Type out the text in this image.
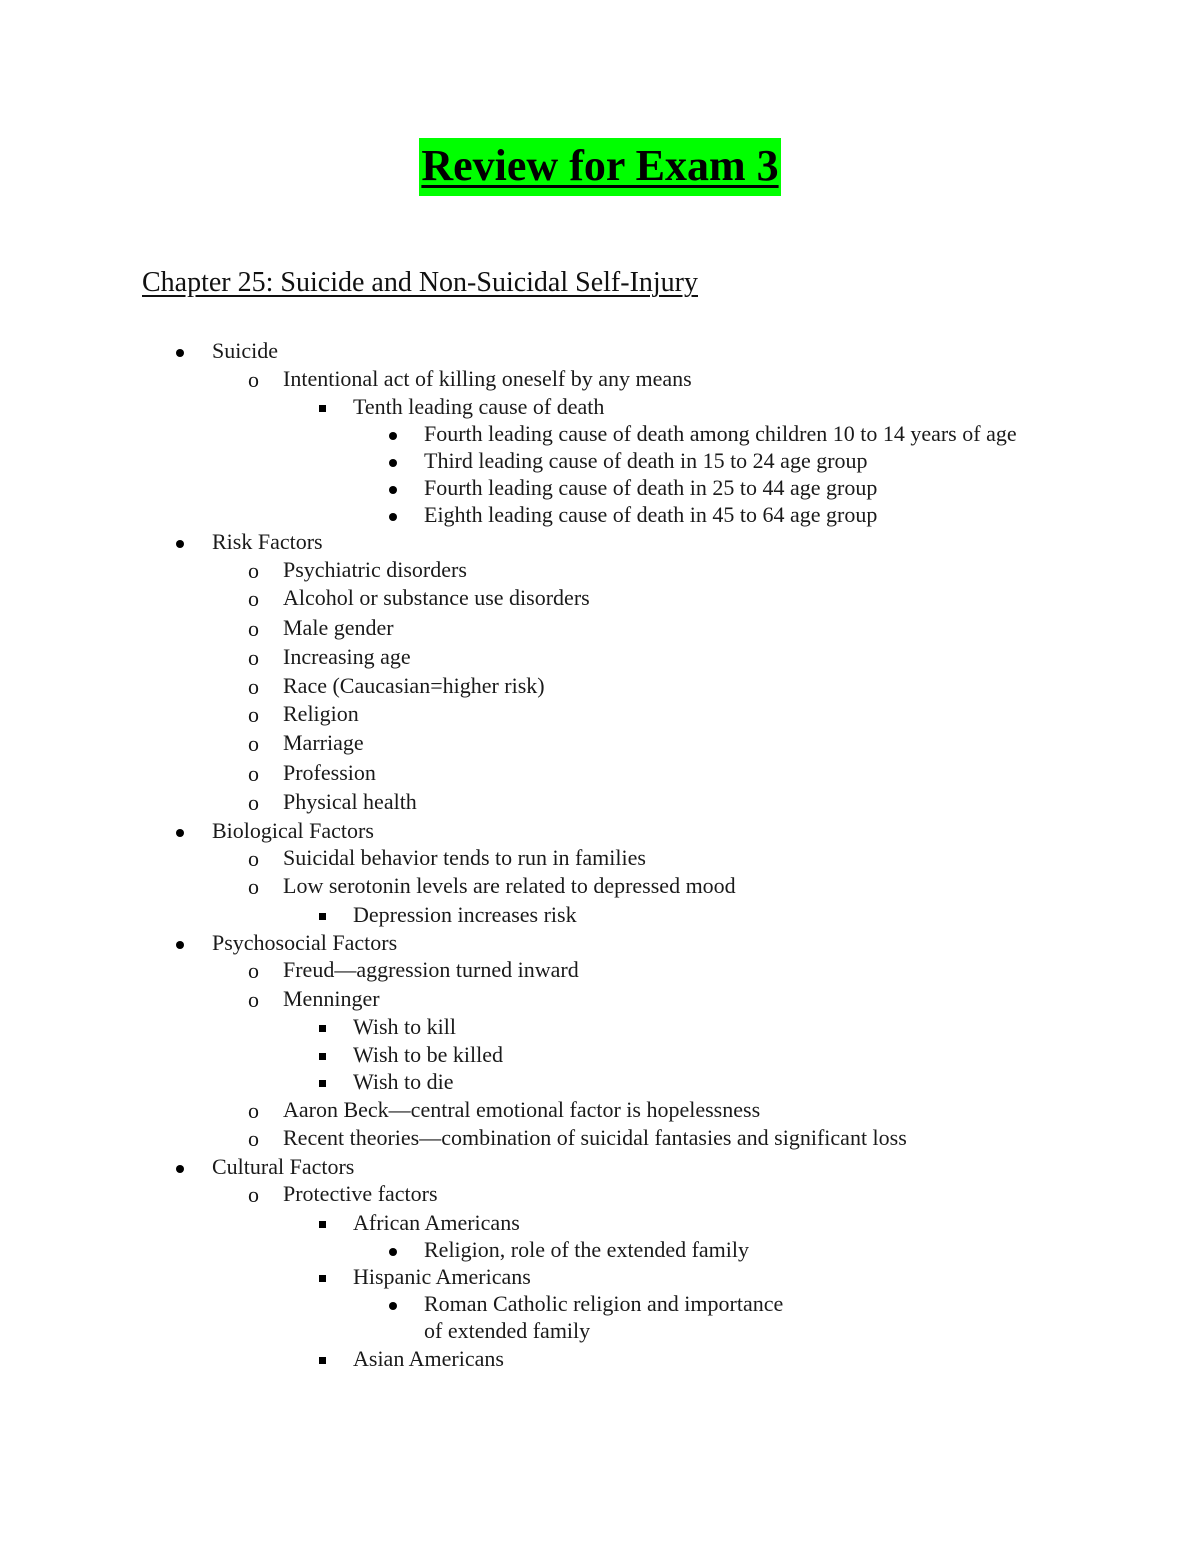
Review for Exam 3
Chapter 25: Suicide and Non-Suicidal Self-Injury
Suicide
o Intentional act of killing oneself by any means
Tenth leading cause of death
Fourth leading cause of death among children 10 to 14 years of age
Third leading cause of death in 15 to 24 age group
Fourth leading cause of death in 25 to 44 age group
Eighth leading cause of death in 45 to 64 age group
Risk Factors
o Psychiatric disorders
o Alcohol or substance use disorders
o Male gender
o Increasing age
o Race (Caucasian=higher risk)
o Religion
o Marriage
o Profession
o Physical health
Biological Factors
o Suicidal behavior tends to run in families
o Low serotonin levels are related to depressed mood
Depression increases risk
Psychosocial Factors
o Freud—aggression turned inward
o Menninger
Wish to kill
Wish to be killed
Wish to die
o Aaron Beck—central emotional factor is hopelessness
o Recent theories—combination of suicidal fantasies and significant loss
Cultural Factors
o Protective factors
African Americans
Religion, role of the extended family
Hispanic Americans
Roman Catholic religion and importance
of extended family
Asian Americans
